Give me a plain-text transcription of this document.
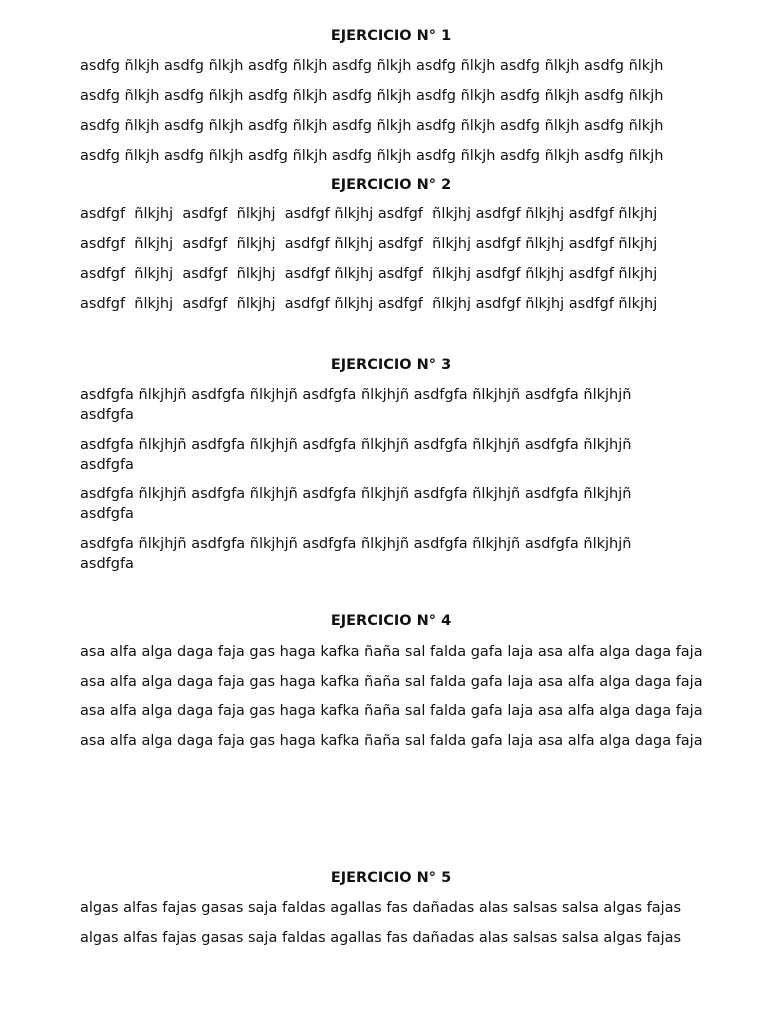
EJERCICIO N° 1

asdfg ñlkjh asdfg ñlkjh asdfg ñlkjh asdfg ñlkjh asdfg ñlkjh asdfg ñlkjh asdfg ñlkjh

asdfg ñlkjh asdfg ñlkjh asdfg ñlkjh asdfg ñlkjh asdfg ñlkjh asdfg ñlkjh asdfg ñlkjh

asdfg ñlkjh asdfg ñlkjh asdfg ñlkjh asdfg ñlkjh asdfg ñlkjh asdfg ñlkjh asdfg ñlkjh

asdfg ñlkjh asdfg ñlkjh asdfg ñlkjh asdfg ñlkjh asdfg ñlkjh asdfg ñlkjh asdfg ñlkjh

EJERCICIO N° 2

asdfgf  ñlkjhj  asdfgf  ñlkjhj  asdfgf ñlkjhj asdfgf  ñlkjhj asdfgf ñlkjhj asdfgf ñlkjhj

asdfgf  ñlkjhj  asdfgf  ñlkjhj  asdfgf ñlkjhj asdfgf  ñlkjhj asdfgf ñlkjhj asdfgf ñlkjhj

asdfgf  ñlkjhj  asdfgf  ñlkjhj  asdfgf ñlkjhj asdfgf  ñlkjhj asdfgf ñlkjhj asdfgf ñlkjhj

asdfgf  ñlkjhj  asdfgf  ñlkjhj  asdfgf ñlkjhj asdfgf  ñlkjhj asdfgf ñlkjhj asdfgf ñlkjhj

EJERCICIO N° 3

asdfgfa ñlkjhjñ asdfgfa ñlkjhjñ asdfgfa ñlkjhjñ asdfgfa ñlkjhjñ asdfgfa ñlkjhjñ asdfgfa

asdfgfa ñlkjhjñ asdfgfa ñlkjhjñ asdfgfa ñlkjhjñ asdfgfa ñlkjhjñ asdfgfa ñlkjhjñ asdfgfa

asdfgfa ñlkjhjñ asdfgfa ñlkjhjñ asdfgfa ñlkjhjñ asdfgfa ñlkjhjñ asdfgfa ñlkjhjñ asdfgfa

asdfgfa ñlkjhjñ asdfgfa ñlkjhjñ asdfgfa ñlkjhjñ asdfgfa ñlkjhjñ asdfgfa ñlkjhjñ asdfgfa

EJERCICIO N° 4

asa alfa alga daga faja gas haga kafka ñaña sal falda gafa laja asa alfa alga daga faja

asa alfa alga daga faja gas haga kafka ñaña sal falda gafa laja asa alfa alga daga faja

asa alfa alga daga faja gas haga kafka ñaña sal falda gafa laja asa alfa alga daga faja

asa alfa alga daga faja gas haga kafka ñaña sal falda gafa laja asa alfa alga daga faja

EJERCICIO N° 5

algas alfas fajas gasas saja faldas agallas fas dañadas alas salsas salsa algas fajas

algas alfas fajas gasas saja faldas agallas fas dañadas alas salsas salsa algas fajas
